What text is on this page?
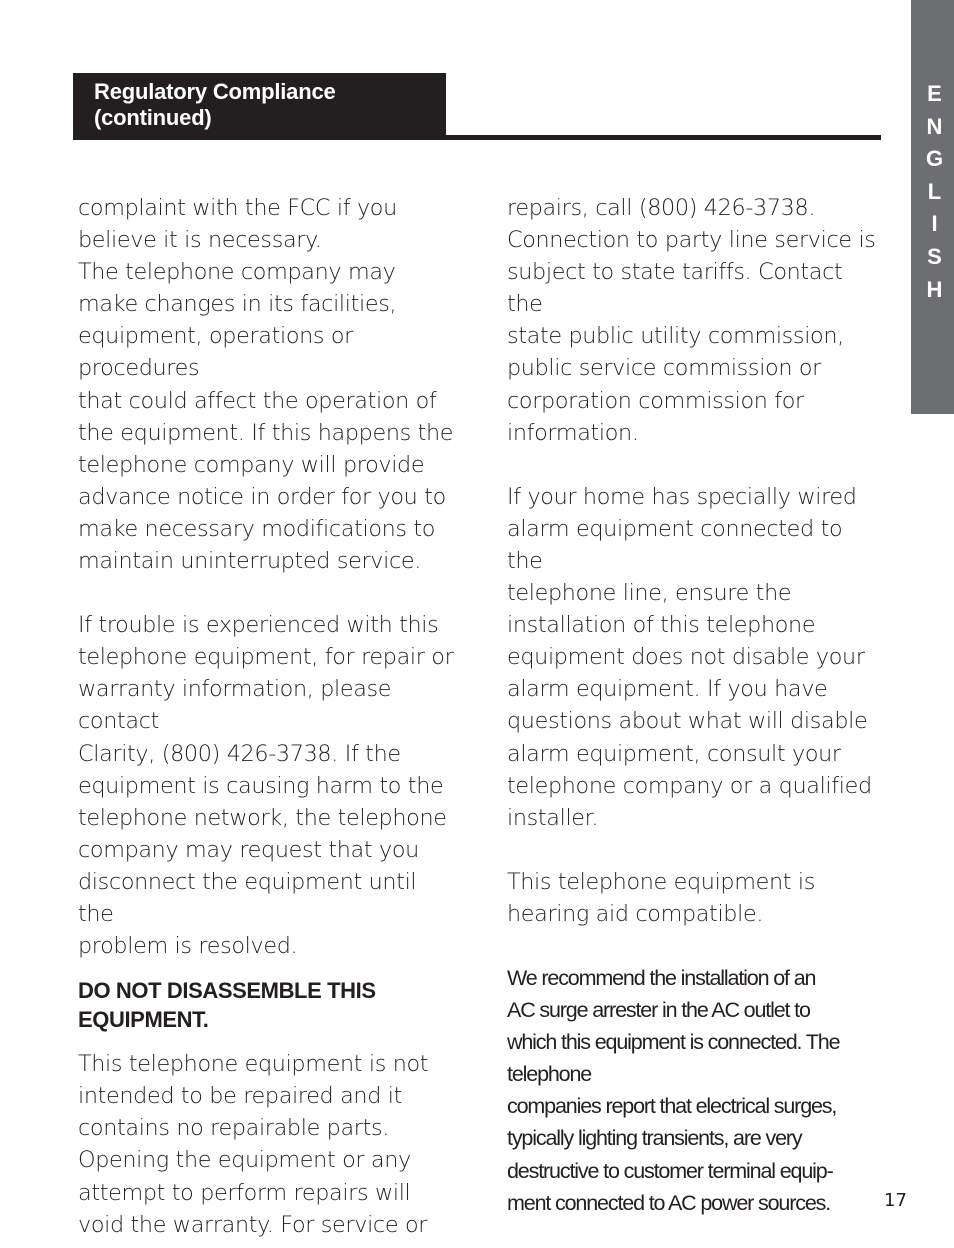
Regulatory Compliance
(continued)
E
N
G
L
I
S
H

complaint with the FCC if you
believe it is necessary.
The telephone company may
make changes in its facilities,
equipment, operations or procedures
that could affect the operation of
the equipment. If this happens the
telephone company will provide
advance notice in order for you to
make necessary modifications to
maintain uninterrupted service.

If trouble is experienced with this
telephone equipment, for repair or
warranty information, please contact
Clarity, (800) 426-3738. If the
equipment is causing harm to the
telephone network, the telephone
company may request that you
disconnect the equipment until the
problem is resolved.

DO NOT DISASSEMBLE THIS
EQUIPMENT.

This telephone equipment is not
intended to be repaired and it
contains no repairable parts.
Opening the equipment or any
attempt to perform repairs will
void the warranty. For service or

repairs, call (800) 426-3738.
Connection to party line service is
subject to state tariffs. Contact the
state public utility commission,
public service commission or
corporation commission for
information.

If your home has specially wired
alarm equipment connected to the
telephone line, ensure the
installation of this telephone
equipment does not disable your
alarm equipment. If you have
questions about what will disable
alarm equipment, consult your
telephone company or a qualified
installer.

This telephone equipment is
hearing aid compatible.

We recommend the installation of an
AC surge arrester in the AC outlet to
which this equipment is connected. The
telephone
companies report that electrical surges,
typically lighting transients, are very
destructive to customer terminal equip-
ment connected to AC power sources.	17
